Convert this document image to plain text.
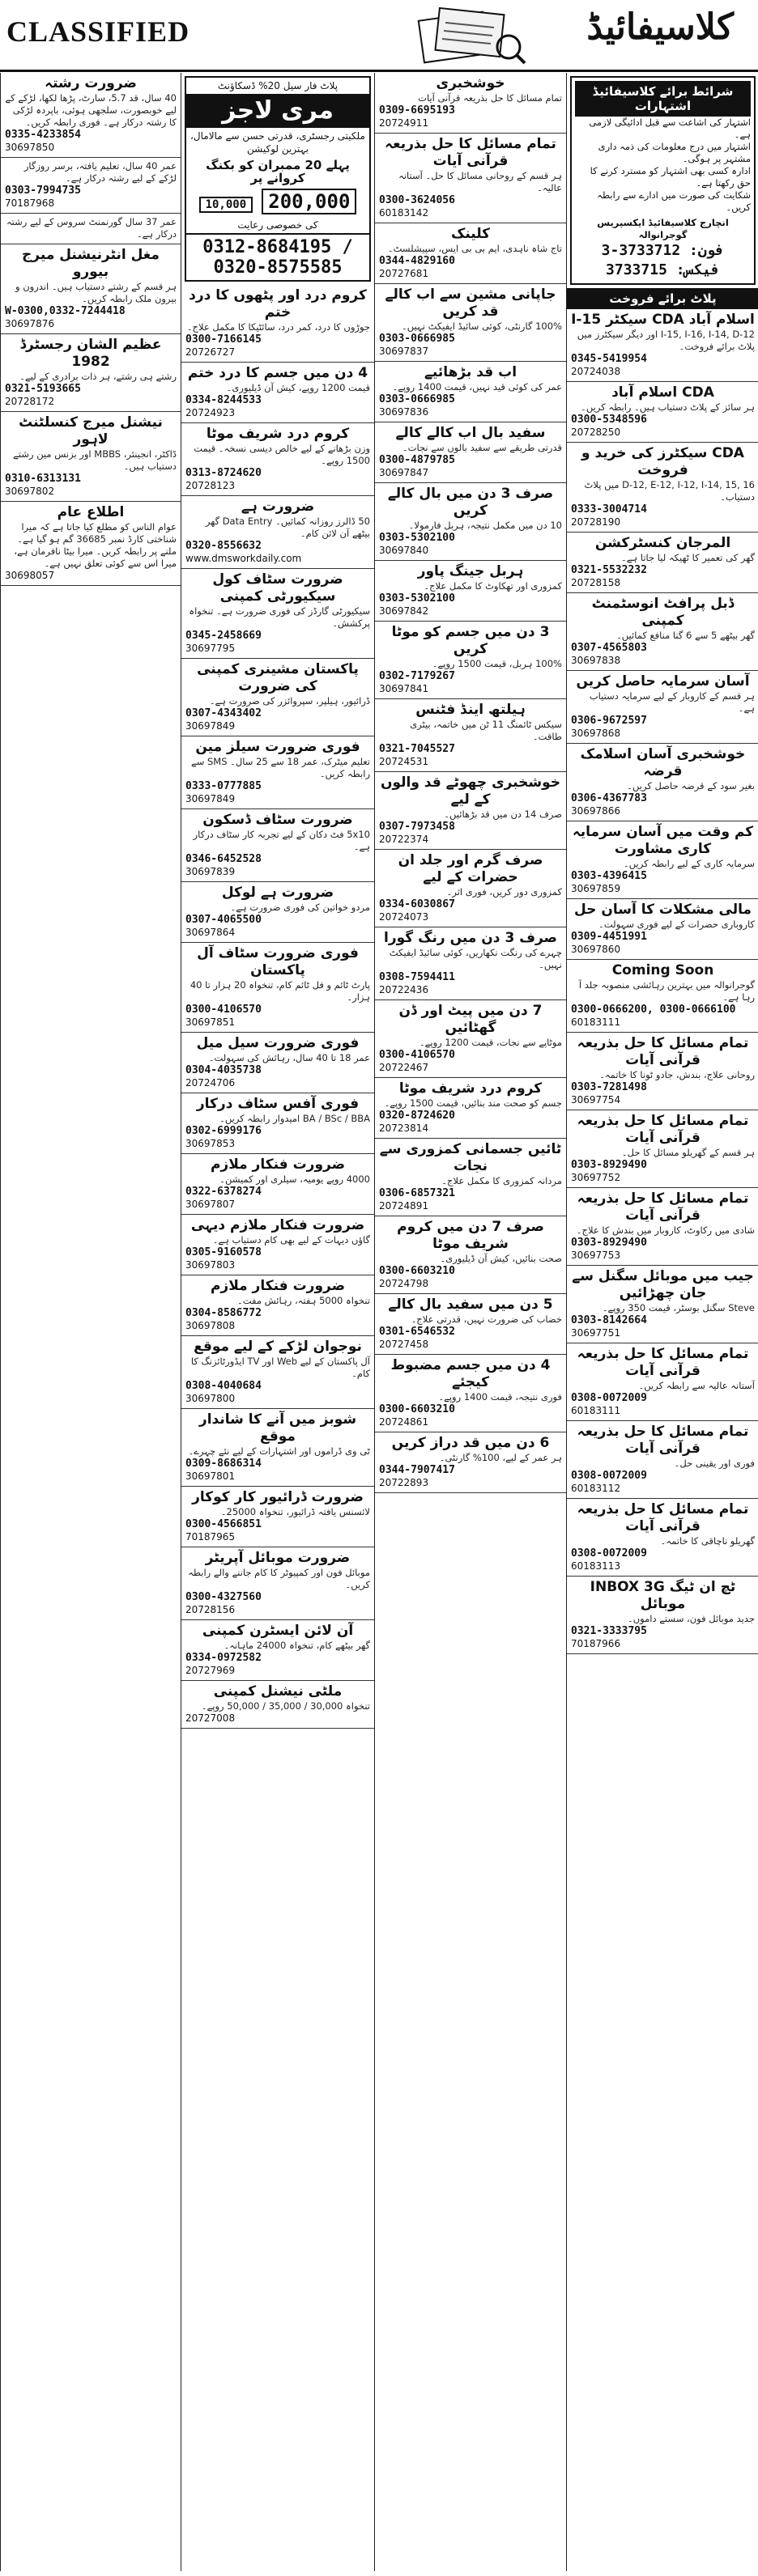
CLASSIFIED	کلاسیفائیڈ
ضرورت رشتہ
40 سال، قد 5.7، سارٹ، پڑھا لکھا، لڑکے کے لیے خوبصورت، سلجھی ہوئی، باپردہ لڑکی کا رشتہ درکار ہے۔ فوری رابطہ کریں۔
0335-4233854
30697850
عمر 40 سال، تعلیم یافتہ، برسر روزگار لڑکے کے لیے رشتہ درکار ہے۔
0303-7994735
70187968
عمر 37 سال گورنمنٹ سروس کے لیے رشتہ درکار ہے۔
مغل انٹرنیشنل میرج بیورو
ہر قسم کے رشتے دستیاب ہیں۔ اندرون و بیرون ملک رابطہ کریں۔
W-0300,0332-7244418
30697876
عظیم الشان رجسٹرڈ 1982
رشتے ہی رشتے، ہر ذات برادری کے لیے۔
0321-5193665
20728172
نیشنل میرج کنسلٹنٹ لاہور
ڈاکٹر، انجینئر، MBBS اور بزنس مین رشتے دستیاب ہیں۔
0310-6313131
30697802
اطلاع عام
عوام الناس کو مطلع کیا جاتا ہے کہ میرا شناختی کارڈ نمبر 36685 گم ہو گیا ہے۔ ملنے پر رابطہ کریں۔ میرا بیٹا نافرمان ہے، میرا اس سے کوئی تعلق نہیں ہے۔
30698057
پلاٹ فار سیل 20% ڈسکاؤنٹ
مری لاجز
ملکیتی رجسٹری، قدرتی حسن سے مالامال، بہترین لوکیشن
پہلے 20 ممبران کو بکنگ کروانے پر
200,000 10,000
کی خصوصی رعایت
0312-8684195 / 0320-8575585
کروم درد اور پٹھوں کا درد ختم
جوڑوں کا درد، کمر درد، سائٹیکا کا مکمل علاج۔
0300-7166145
20726727
4 دن میں جسم کا درد ختم
قیمت 1200 روپے، کیش آن ڈیلیوری۔
0334-8244533
20724923
کروم درد شریف موٹا
وزن بڑھانے کے لیے خالص دیسی نسخہ۔ قیمت 1500 روپے۔
0313-8724620
20728123
ضرورت ہے
50 ڈالرز روزانہ کمائیں۔ Data Entry گھر بیٹھے آن لائن کام۔
0320-8556632
www.dmsworkdaily.com
ضرورت سٹاف کول سیکیورٹی کمپنی
سیکیورٹی گارڈز کی فوری ضرورت ہے۔ تنخواہ پرکشش۔
0345-2458669
30697795
پاکستان مشینری کمپنی کی ضرورت
ڈرائیور، ہیلپر، سپروائزر کی ضرورت ہے۔
0307-4343402
30697849
فوری ضرورت سیلز مین
تعلیم میٹرک، عمر 18 سے 25 سال۔ SMS سے رابطہ کریں۔
0333-0777885
30697849
ضرورت سٹاف ڈسکون
5x10 فٹ دکان کے لیے تجربہ کار سٹاف درکار ہے۔
0346-6452528
30697839
ضرورت ہے لوکل
مردو خواتین کی فوری ضرورت ہے۔
0307-4065500
30697864
فوری ضرورت سٹاف آل پاکستان
پارٹ ٹائم و فل ٹائم کام، تنخواہ 20 ہزار تا 40 ہزار۔
0300-4106570
30697851
فوری ضرورت سیل میل
عمر 18 تا 40 سال، رہائش کی سہولت۔
0304-4035738
20724706
فوری آفس سٹاف درکار
BA / BSc / BBA امیدوار رابطہ کریں۔
0302-6999176
30697853
ضرورت فنکار ملازم
4000 روپے یومیہ، سیلری اور کمیشن۔
0322-6378274
30697807
ضرورت فنکار ملازم دیہی
گاؤں دیہات کے لیے بھی کام دستیاب ہے۔
0305-9160578
30697803
ضرورت فنکار ملازم
تنخواہ 5000 ہفتہ، رہائش مفت۔
0304-8586772
30697808
نوجوان لڑکے کے لیے موقع
آل پاکستان کے لیے Web اور TV ایڈورٹائزنگ کا کام۔
0308-4040684
30697800
شوبز میں آنے کا شاندار موقع
ٹی وی ڈراموں اور اشتہارات کے لیے نئے چہرے۔
0309-8686314
30697801
ضرورت ڈرائیور کار کوکار
لائسنس یافتہ ڈرائیور، تنخواہ 25000۔
0300-4566851
70187965
ضرورت موبائل آپریٹر
موبائل فون اور کمپیوٹر کا کام جاننے والے رابطہ کریں۔
0300-4327560
20728156
آن لائن ایسٹرن کمپنی
گھر بیٹھے کام، تنخواہ 24000 ماہانہ۔
0334-0972582
20727969
ملٹی نیشنل کمپنی
تنخواہ 30,000 / 35,000 / 50,000 روپے۔
20727008
خوشخبری
تمام مسائل کا حل بذریعہ قرآنی آیات
0309-6695193
20724911
تمام مسائل کا حل بذریعہ قرآنی آیات
ہر قسم کے روحانی مسائل کا حل۔ آستانہ عالیہ۔
0300-3624056
60183142
کلینک
تاج شاہ ناہدی، ایم بی بی ایس، سپیشلسٹ۔
0344-4829160
20727681
جاپانی مشین سے اب کالے قد کریں
100% گارنٹی، کوئی سائیڈ ایفیکٹ نہیں۔
0303-0666985
30697837
اب قد بڑھائیے
عمر کی کوئی قید نہیں، قیمت 1400 روپے۔
0303-0666985
30697836
سفید بال اب کالے کالے
قدرتی طریقے سے سفید بالوں سے نجات۔
0300-4879785
30697847
صرف 3 دن میں بال کالے کریں
10 دن میں مکمل نتیجہ، ہربل فارمولا۔
0303-5302100
30697840
ہربل جینگ پاور
کمزوری اور تھکاوٹ کا مکمل علاج۔
0303-5302100
30697842
3 دن میں جسم کو موٹا کریں
100% ہربل، قیمت 1500 روپے۔
0302-7179267
30697841
ہیلتھ اینڈ فٹنس
سیکس ٹائمنگ 11 ٹن میں خاتمہ، بیٹری طاقت۔
0321-7045527
20724531
خوشخبری چھوٹے قد والوں کے لیے
صرف 14 دن میں قد بڑھائیں۔
0307-7973458
20722374
صرف گرم اور جلد ان حضرات کے لیے
کمزوری دور کریں، فوری اثر۔
0334-6030867
20724073
صرف 3 دن میں رنگ گورا
چہرے کی رنگت نکھاریں، کوئی سائیڈ ایفیکٹ نہیں۔
0308-7594411
20722436
7 دن میں پیٹ اور ڈن گھٹائیں
موٹاپے سے نجات، قیمت 1200 روپے۔
0300-4106570
20722467
کروم درد شریف موٹا
جسم کو صحت مند بنائیں، قیمت 1500 روپے۔
0320-8724620
20723814
ٹائیں جسمانی کمزوری سے نجات
مردانہ کمزوری کا مکمل علاج۔
0306-6857321
20724891
صرف 7 دن میں کروم شریف موٹا
صحت بنائیں، کیش آن ڈیلیوری۔
0300-6603210
20724798
5 دن میں سفید بال کالے
خضاب کی ضرورت نہیں، قدرتی علاج۔
0301-6546532
20727458
4 دن میں جسم مضبوط کیجئے
فوری نتیجہ، قیمت 1400 روپے۔
0300-6603210
20724861
6 دن میں قد دراز کریں
ہر عمر کے لیے، 100% گارنٹی۔
0344-7907417
20722893
شرائط برائے کلاسیفائیڈ اشتہارات
اشتہار کی اشاعت سے قبل ادائیگی لازمی ہے۔
اشتہار میں درج معلومات کی ذمہ داری مشتہر پر ہوگی۔
ادارہ کسی بھی اشتہار کو مسترد کرنے کا حق رکھتا ہے۔
شکایت کی صورت میں ادارے سے رابطہ کریں۔
انچارج کلاسیفائیڈ ایکسپریس گوجرانوالہ
فون: 3733712-3
فیکس: 3733715
پلاٹ برائے فروخت
اسلام آباد CDA سیکٹر I-15
I-15, I-16, I-14, D-12 اور دیگر سیکٹرز میں پلاٹ برائے فروخت۔
0345-5419954
20724038
CDA اسلام آباد
ہر سائز کے پلاٹ دستیاب ہیں۔ رابطہ کریں۔
0300-5348596
20728250
CDA سیکٹرز کی خرید و فروخت
D-12, E-12, I-12, I-14, 15, 16 میں پلاٹ دستیاب۔
0333-3004714
20728190
المرجان کنسٹرکشن
گھر کی تعمیر کا ٹھیکہ لیا جاتا ہے۔
0321-5532232
20728158
ڈبل پرافٹ انوسٹمنٹ کمپنی
گھر بیٹھے 5 سے 6 گنا منافع کمائیں۔
0307-4565803
30697838
آسان سرمایہ حاصل کریں
ہر قسم کے کاروبار کے لیے سرمایہ دستیاب ہے۔
0306-9672597
30697868
خوشخبری آسان اسلامک قرضہ
بغیر سود کے قرضہ حاصل کریں۔
0306-4367783
30697866
کم وقت میں آسان سرمایہ کاری مشاورت
سرمایہ کاری کے لیے رابطہ کریں۔
0303-4396415
30697859
مالی مشکلات کا آسان حل
کاروباری حضرات کے لیے فوری سہولت۔
0309-4451991
30697860
Coming Soon
گوجرانوالہ میں بہترین رہائشی منصوبہ جلد آ رہا ہے۔
0300-0666200, 0300-0666100
60183111
تمام مسائل کا حل بذریعہ قرآنی آیات
روحانی علاج، بندش، جادو ٹونا کا خاتمہ۔
0303-7281498
30697754
تمام مسائل کا حل بذریعہ قرآنی آیات
ہر قسم کے گھریلو مسائل کا حل۔
0303-8929490
30697752
تمام مسائل کا حل بذریعہ قرآنی آیات
شادی میں رکاوٹ، کاروبار میں بندش کا علاج۔
0303-8929490
30697753
جیب میں موبائل سگنل سے جان چھڑائیں
Steve سگنل بوسٹر، قیمت 350 روپے۔
0303-8142664
30697751
تمام مسائل کا حل بذریعہ قرآنی آیات
آستانہ عالیہ سے رابطہ کریں۔
0308-0072009
60183111
تمام مسائل کا حل بذریعہ قرآنی آیات
فوری اور یقینی حل۔
0308-0072009
60183112
تمام مسائل کا حل بذریعہ قرآنی آیات
گھریلو ناچاقی کا خاتمہ۔
0308-0072009
60183113
ٹچ ان ٹیگ INBOX 3G موبائل
جدید موبائل فون، سستے داموں۔
0321-3333795
70187966
